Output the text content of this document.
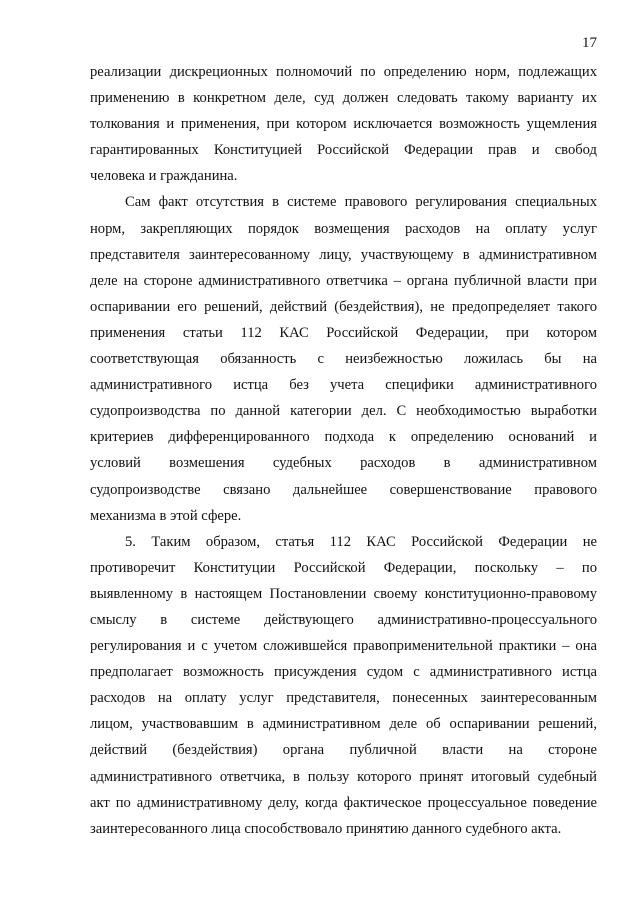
17
реализации дискреционных полномочий по определению норм, подлежащих
применению в конкретном деле, суд должен следовать такому варианту их
толкования и применения, при котором исключается возможность ущемления
гарантированных Конституцией Российской Федерации прав и свобод
человека и гражданина.
Сам факт отсутствия в системе правового регулирования специальных
норм, закрепляющих порядок возмещения расходов на оплату услуг
представителя заинтересованному лицу, участвующему в административном
деле на стороне административного ответчика – органа публичной власти при
оспаривании его решений, действий (бездействия), не предопределяет такого
применения статьи 112 КАС Российской Федерации, при котором
соответствующая обязанность с неизбежностью ложилась бы на
административного истца без учета специфики административного
судопроизводства по данной категории дел. С необходимостью выработки
критериев дифференцированного подхода к определению оснований и
условий возмешения судебных расходов в административном
судопроизводстве связано дальнейшее совершенствование правового
механизма в этой сфере.
5. Таким образом, статья 112 КАС Российской Федерации не
противоречит Конституции Российской Федерации, поскольку – по
выявленному в настоящем Постановлении своему конституционно-правовому
смыслу в системе действующего административно-процессуального
регулирования и с учетом сложившейся правоприменительной практики – она
предполагает возможность присуждения судом с административного истца
расходов на оплату услуг представителя, понесенных заинтересованным
лицом, участвовавшим в административном деле об оспаривании решений,
действий (бездействия) органа публичной власти на стороне
административного ответчика, в пользу которого принят итоговый судебный
акт по административному делу, когда фактическое процессуальное поведение
заинтересованного лица способствовало принятию данного судебного акта.
